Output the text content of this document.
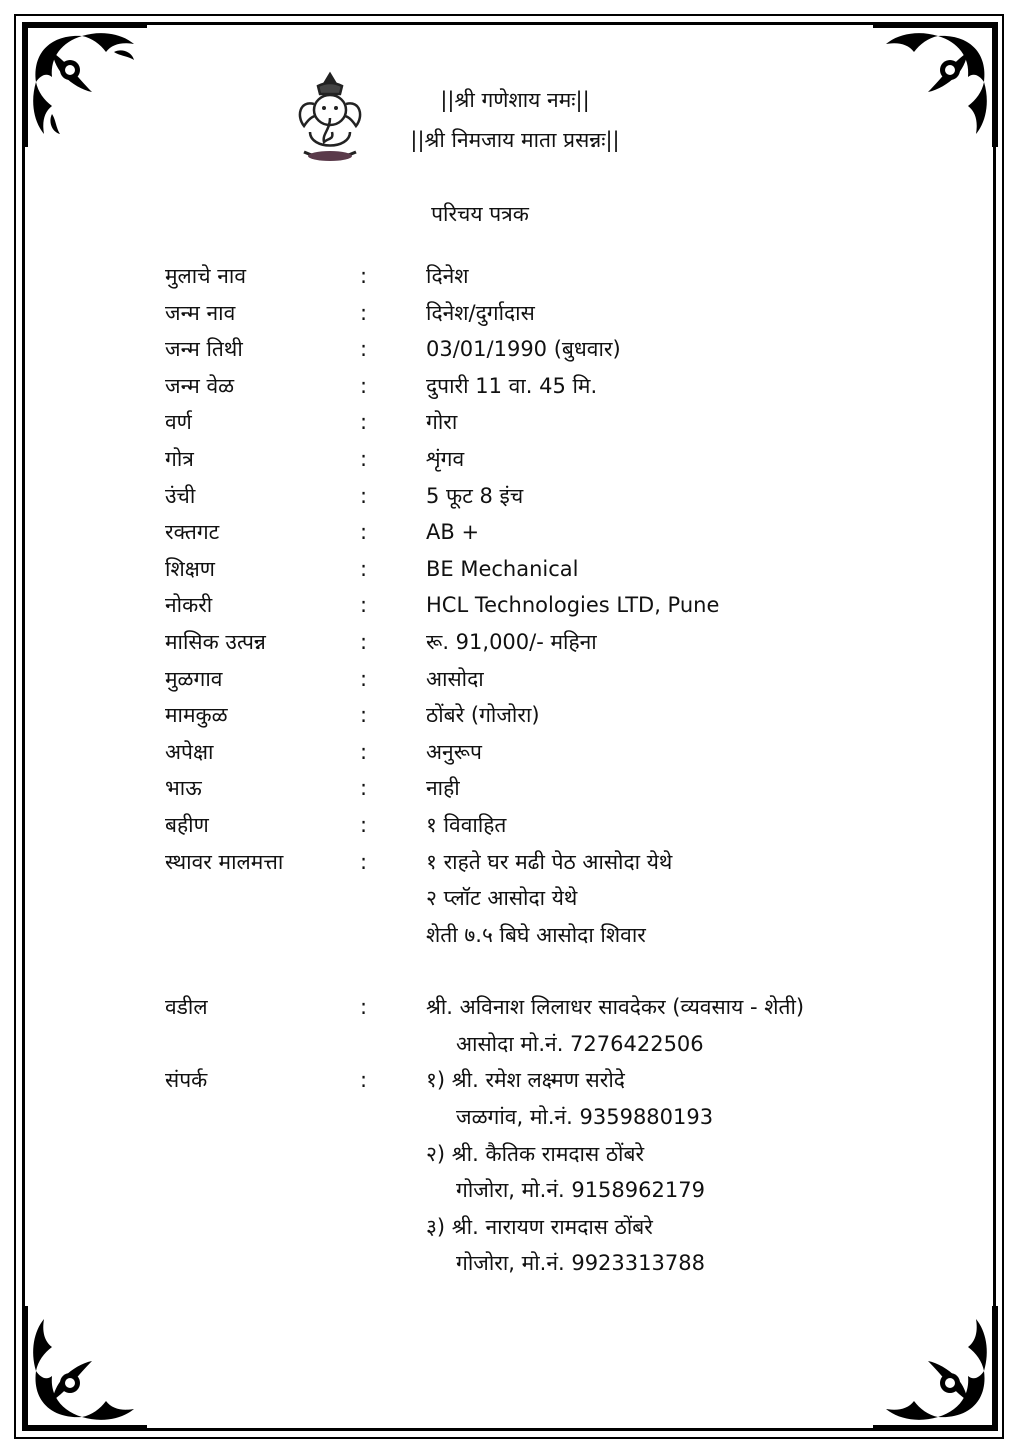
||श्री गणेशाय नमः||
||श्री निमजाय माता प्रसन्नः||
परिचय पत्रक
मुलाचे नाव	:	दिनेश
जन्म नाव	:	दिनेश/दुर्गादास
जन्म तिथी	:	03/01/1990 (बुधवार)
जन्म वेळ	:	दुपारी 11 वा. 45 मि.
वर्ण	:	गोरा
गोत्र	:	शृंगव
उंची	:	5 फूट 8 इंच
रक्तगट	:	AB +
शिक्षण	:	BE Mechanical
नोकरी	:	HCL Technologies LTD, Pune
मासिक उत्पन्न	:	रू. 91,000/- महिना
मुळगाव	:	आसोदा
मामकुळ	:	ठोंबरे (गोजोरा)
अपेक्षा	:	अनुरूप
भाऊ	:	नाही
बहीण	:	१ विवाहित
स्थावर मालमत्ता	:	१ राहते घर मढी पेठ आसोदा येथे
२ प्लॉट आसोदा येथे
शेती ७.५ बिघे आसोदा शिवार
वडील	:	श्री. अविनाश लिलाधर सावदेकर (व्यवसाय - शेती)
आसोदा मो.नं. 7276422506
संपर्क	:	१) श्री. रमेश लक्ष्मण सरोदे
जळगांव, मो.नं. 9359880193
२) श्री. कैतिक रामदास ठोंबरे
गोजोरा, मो.नं. 9158962179
३) श्री. नारायण रामदास ठोंबरे
गोजोरा, मो.नं. 9923313788
